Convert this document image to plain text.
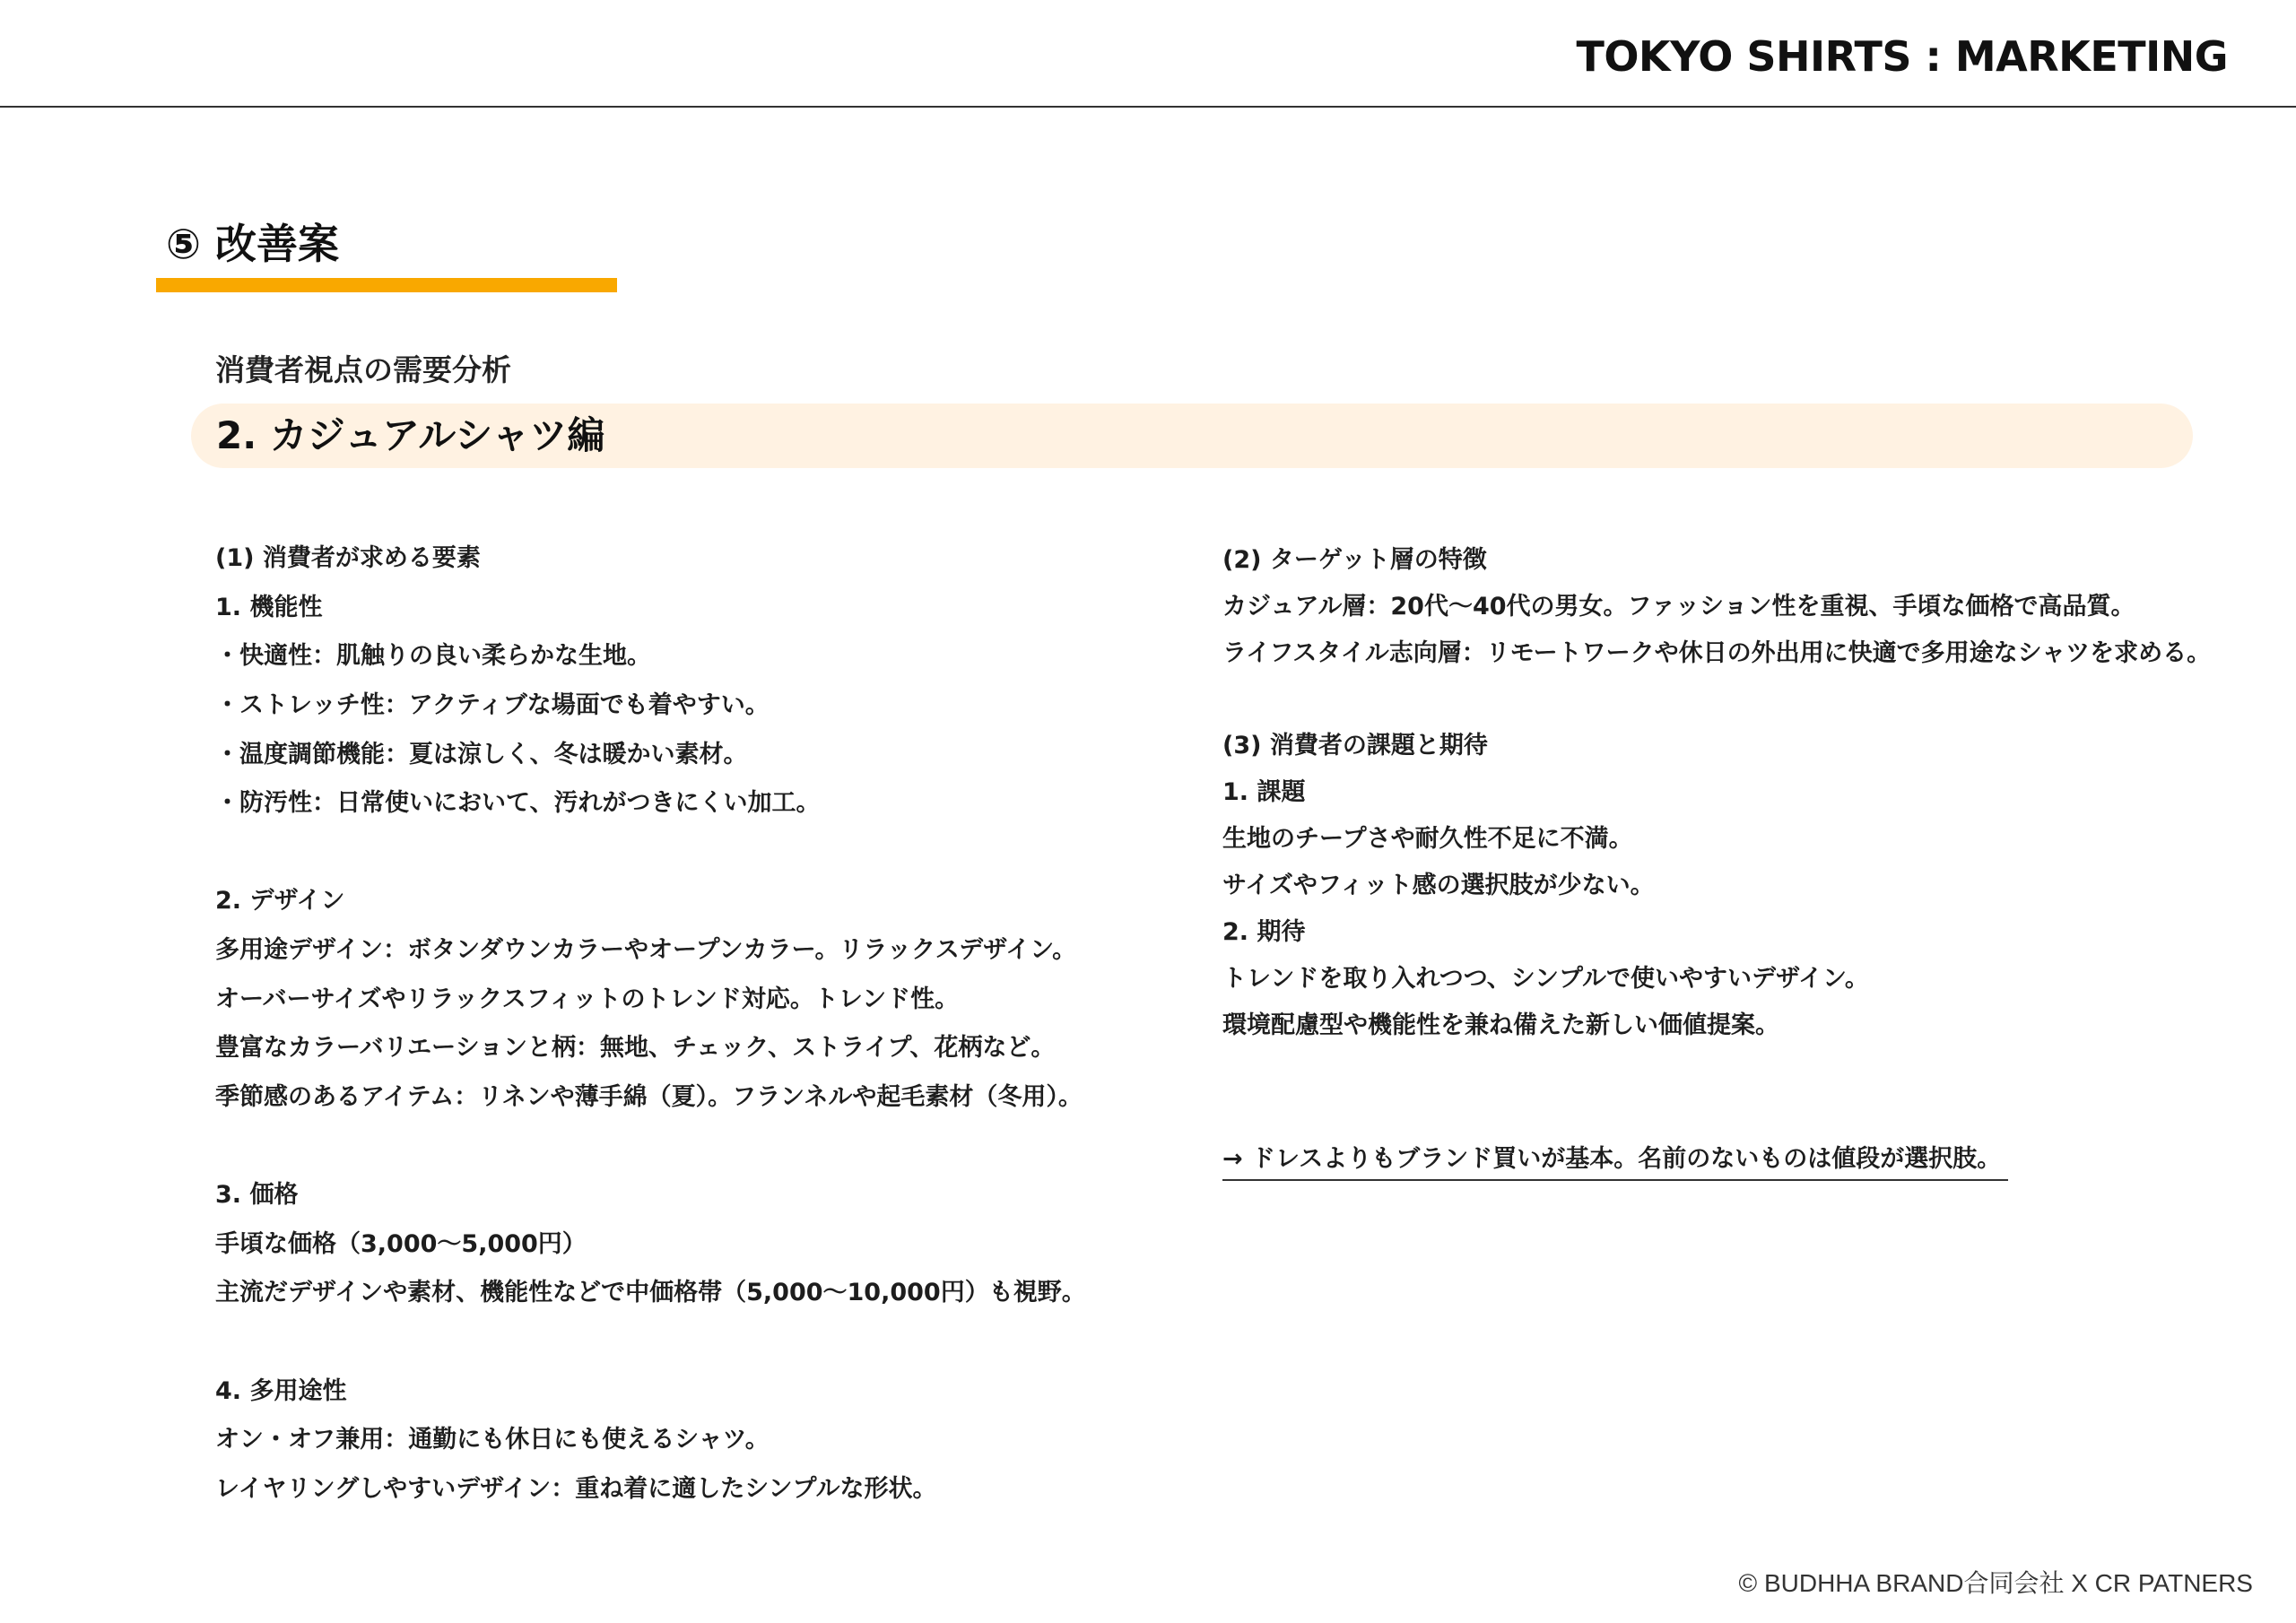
TOKYO SHIRTS : MARKETING
⑤ 改善案
消費者視点の需要分析
2. カジュアルシャツ編
(1) 消費者が求める要素
1. 機能性
・快適性：肌触りの良い柔らかな生地。
・ストレッチ性：アクティブな場面でも着やすい。
・温度調節機能：夏は涼しく、冬は暖かい素材。
・防汚性：日常使いにおいて、汚れがつきにくい加工。
2. デザイン
多用途デザイン：ボタンダウンカラーやオープンカラー。リラックスデザイン。
オーバーサイズやリラックスフィットのトレンド対応。トレンド性。
豊富なカラーバリエーションと柄：無地、チェック、ストライプ、花柄など。
季節感のあるアイテム：リネンや薄手綿（夏）。フランネルや起毛素材（冬用）。
3. 価格
手頃な価格（3,000〜5,000円）
主流だデザインや素材、機能性などで中価格帯（5,000〜10,000円）も視野。
4. 多用途性
オン・オフ兼用：通勤にも休日にも使えるシャツ。
レイヤリングしやすいデザイン：重ね着に適したシンプルな形状。
(2) ターゲット層の特徴
カジュアル層：20代〜40代の男女。ファッション性を重視、手頃な価格で高品質。
ライフスタイル志向層：リモートワークや休日の外出用に快適で多用途なシャツを求める。
(3) 消費者の課題と期待
1. 課題
生地のチープさや耐久性不足に不満。
サイズやフィット感の選択肢が少ない。
2. 期待
トレンドを取り入れつつ、シンプルで使いやすいデザイン。
環境配慮型や機能性を兼ね備えた新しい価値提案。
→ ドレスよりもブランド買いが基本。名前のないものは値段が選択肢。
© BUDHHA BRAND合同会社 X CR PATNERS
